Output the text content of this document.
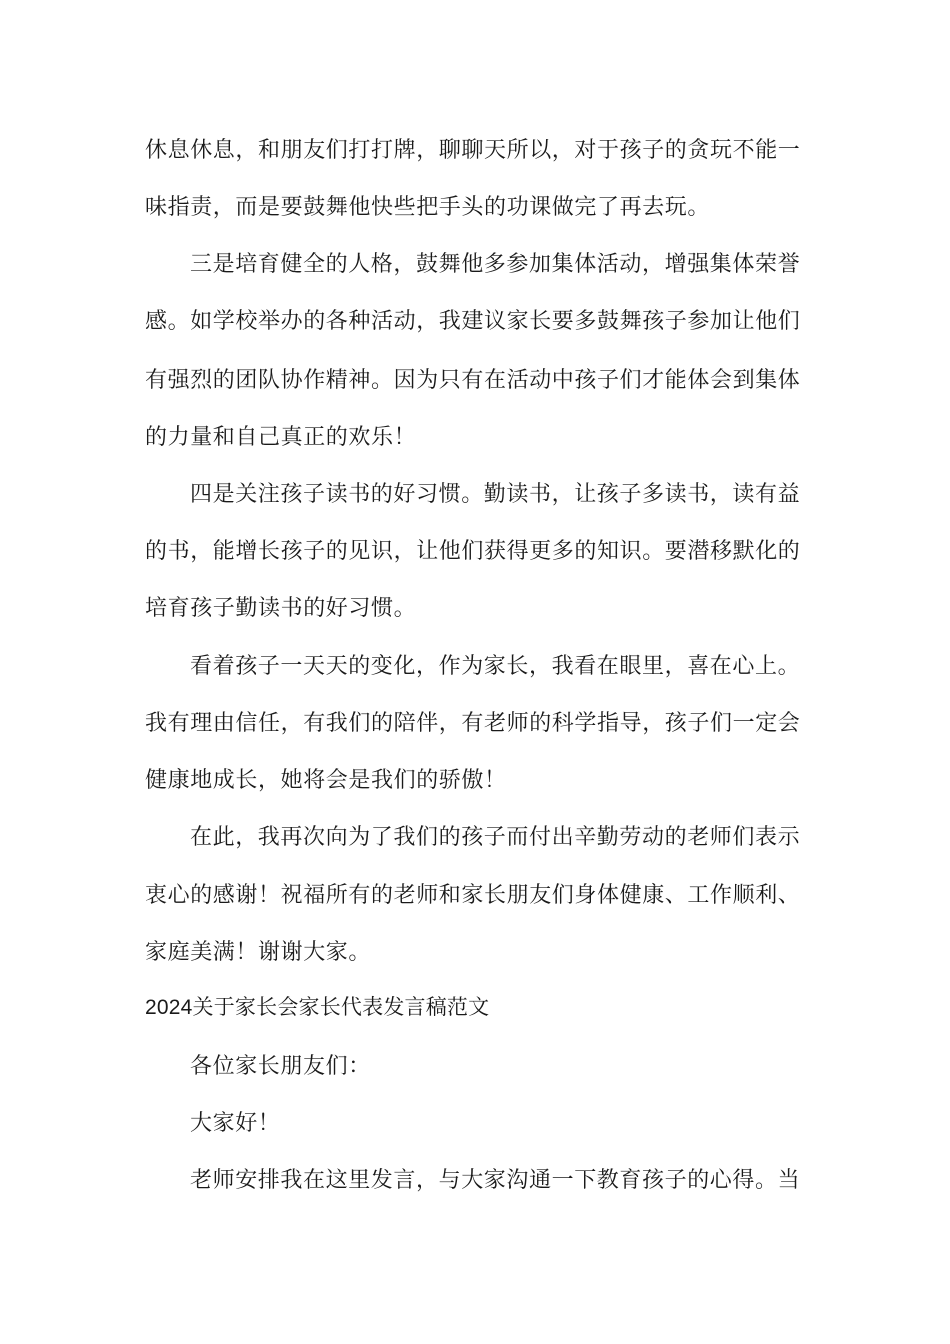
休息休息，和朋友们打打牌，聊聊天所以，对于孩子的贪玩不能一
味指责，而是要鼓舞他快些把手头的功课做完了再去玩。
三是培育健全的人格，鼓舞他多参加集体活动，增强集体荣誉
感。如学校举办的各种活动，我建议家长要多鼓舞孩子参加让他们
有强烈的团队协作精神。因为只有在活动中孩子们才能体会到集体
的力量和自己真正的欢乐！
四是关注孩子读书的好习惯。勤读书，让孩子多读书，读有益
的书，能增长孩子的见识，让他们获得更多的知识。要潜移默化的
培育孩子勤读书的好习惯。
看着孩子一天天的变化，作为家长，我看在眼里，喜在心上。
我有理由信任，有我们的陪伴，有老师的科学指导，孩子们一定会
健康地成长，她将会是我们的骄傲！
在此，我再次向为了我们的孩子而付出辛勤劳动的老师们表示
衷心的感谢！祝福所有的老师和家长朋友们身体健康、工作顺利、
家庭美满！谢谢大家。
2024关于家长会家长代表发言稿范文
各位家长朋友们：
大家好！
老师安排我在这里发言，与大家沟通一下教育孩子的心得。当
